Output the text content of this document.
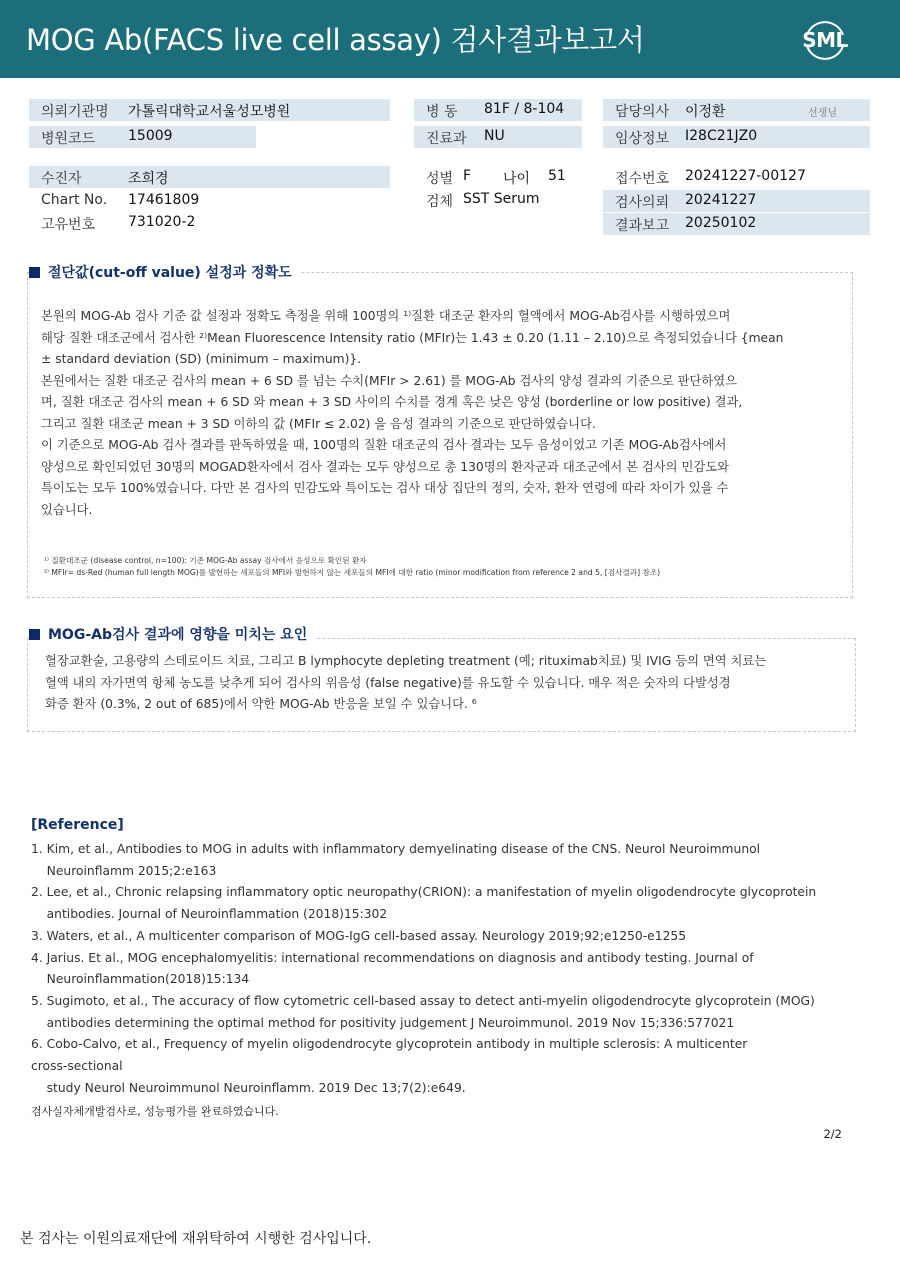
MOG Ab(FACS live cell assay) 검사결과보고서	SML
의뢰기관명 가톨릭대학교서울성모병원
병원코드 15009
병 동 81F / 8-104
진료과 NU
담당의사 이정환	선생님
임상정보 I28C21JZ0
수진자	조희경
Chart No. 17461809
고유번호 731020-2
성별 F 나이 51
검체 SST Serum
접수번호 20241227-00127
검사의뢰 20241227
결과보고 20250102
절단값(cut-off value) 설정과 정확도
본원의 MOG-Ab 검사 기준 값 설정과 정확도 측정을 위해 100명의 ¹⁾질환 대조군 환자의 혈액에서 MOG-Ab검사를 시행하였으며
해당 질환 대조군에서 검사한 ²⁾Mean Fluorescence Intensity ratio (MFIr)는 1.43 ± 0.20 (1.11 – 2.10)으로 측정되었습니다 {mean
± standard deviation (SD) (minimum – maximum)}.
본원에서는 질환 대조군 검사의 mean + 6 SD 를 넘는 수치(MFIr > 2.61) 를 MOG-Ab 검사의 양성 결과의 기준으로 판단하였으
며, 질환 대조군 검사의 mean + 6 SD 와 mean + 3 SD 사이의 수치를 경계 혹은 낮은 양성 (borderline or low positive) 결과,
그리고 질환 대조군 mean + 3 SD 이하의 값 (MFIr ≤ 2.02) 을 음성 결과의 기준으로 판단하였습니다.
이 기준으로 MOG-Ab 검사 결과를 판독하였을 때, 100명의 질환 대조군의 검사 결과는 모두 음성이었고 기존 MOG-Ab검사에서
양성으로 확인되었던 30명의 MOGAD환자에서 검사 결과는 모두 양성으로 총 130명의 환자군과 대조군에서 본 검사의 민감도와
특이도는 모두 100%였습니다. 다만 본 검사의 민감도와 특이도는 검사 대상 집단의 정의, 숫자, 환자 연령에 따라 차이가 있을 수
있습니다.
¹⁾ 질환대조군 (disease control, n=100): 기존 MOG-Ab assay 검사에서 음성으로 확인된 환자
²⁾ MFIr= ds-Red (human full length MOG)를 발현하는 세포들의 MFI와 발현하지 않는 세포들의 MFI에 대한 ratio (minor modification from reference 2 and 5, [검사결과] 참조)
MOG-Ab검사 결과에 영향을 미치는 요인
혈장교환술, 고용량의 스테로이드 치료, 그리고 B lymphocyte depleting treatment (예; rituximab치료) 및 IVIG 등의 면역 치료는
혈액 내의 자가면역 항체 농도를 낮추게 되어 검사의 위음성 (false negative)를 유도할 수 있습니다. 매우 적은 숫자의 다발성경
화증 환자 (0.3%, 2 out of 685)에서 약한 MOG-Ab 반응을 보일 수 있습니다. ⁶
[Reference]
1. Kim, et al., Antibodies to MOG in adults with inflammatory demyelinating disease of the CNS. Neurol Neuroimmunol
Neuroinflamm 2015;2:e163
2. Lee, et al., Chronic relapsing inflammatory optic neuropathy(CRION): a manifestation of myelin oligodendrocyte glycoprotein
antibodies. Journal of Neuroinflammation (2018)15:302
3. Waters, et al., A multicenter comparison of MOG-IgG cell-based assay. Neurology 2019;92;e1250-e1255
4. Jarius. Et al., MOG encephalomyelitis: international recommendations on diagnosis and antibody testing. Journal of
Neuroinflammation(2018)15:134
5. Sugimoto, et al., The accuracy of flow cytometric cell-based assay to detect anti-myelin oligodendrocyte glycoprotein (MOG)
antibodies determining the optimal method for positivity judgement J Neuroimmunol. 2019 Nov 15;336:577021
6. Cobo-Calvo, et al., Frequency of myelin oligodendrocyte glycoprotein antibody in multiple sclerosis: A multicenter
cross-sectional
study Neurol Neuroimmunol Neuroinflamm. 2019 Dec 13;7(2):e649.
검사실자체개발검사로, 성능평가를 완료하였습니다.
2/2
본 검사는 이원의료재단에 재위탁하여 시행한 검사입니다.
